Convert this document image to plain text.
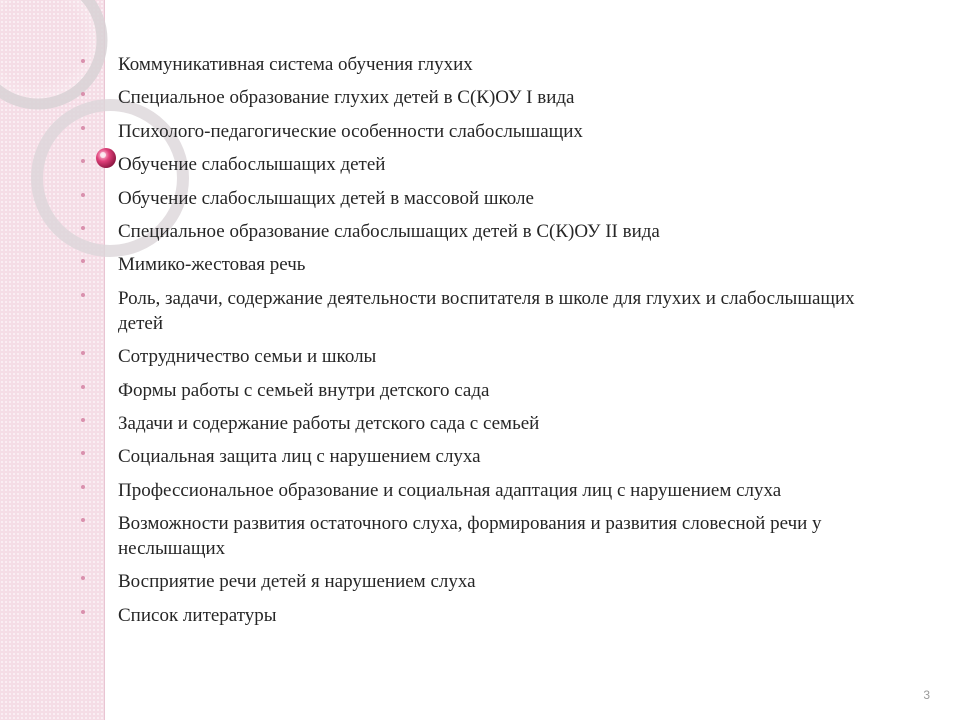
Коммуникативная система обучения глухих
Специальное образование глухих детей в С(К)ОУ I вида
Психолого-педагогические особенности слабослышащих
Обучение слабослышащих детей
Обучение слабослышащих детей в массовой школе
Специальное образование слабослышащих детей в С(К)ОУ II вида
Мимико-жестовая речь
Роль, задачи, содержание деятельности воспитателя в школе для глухих и слабослышащих детей
Сотрудничество семьи и школы
Формы работы с семьей внутри детского сада
Задачи и содержание работы детского сада с семьей
Социальная защита лиц с нарушением слуха
Профессиональное образование и социальная адаптация лиц с нарушением слуха
Возможности развития остаточного слуха, формирования и развития словесной речи у неслышащих
Восприятие речи детей я нарушением слуха
Список литературы
3
